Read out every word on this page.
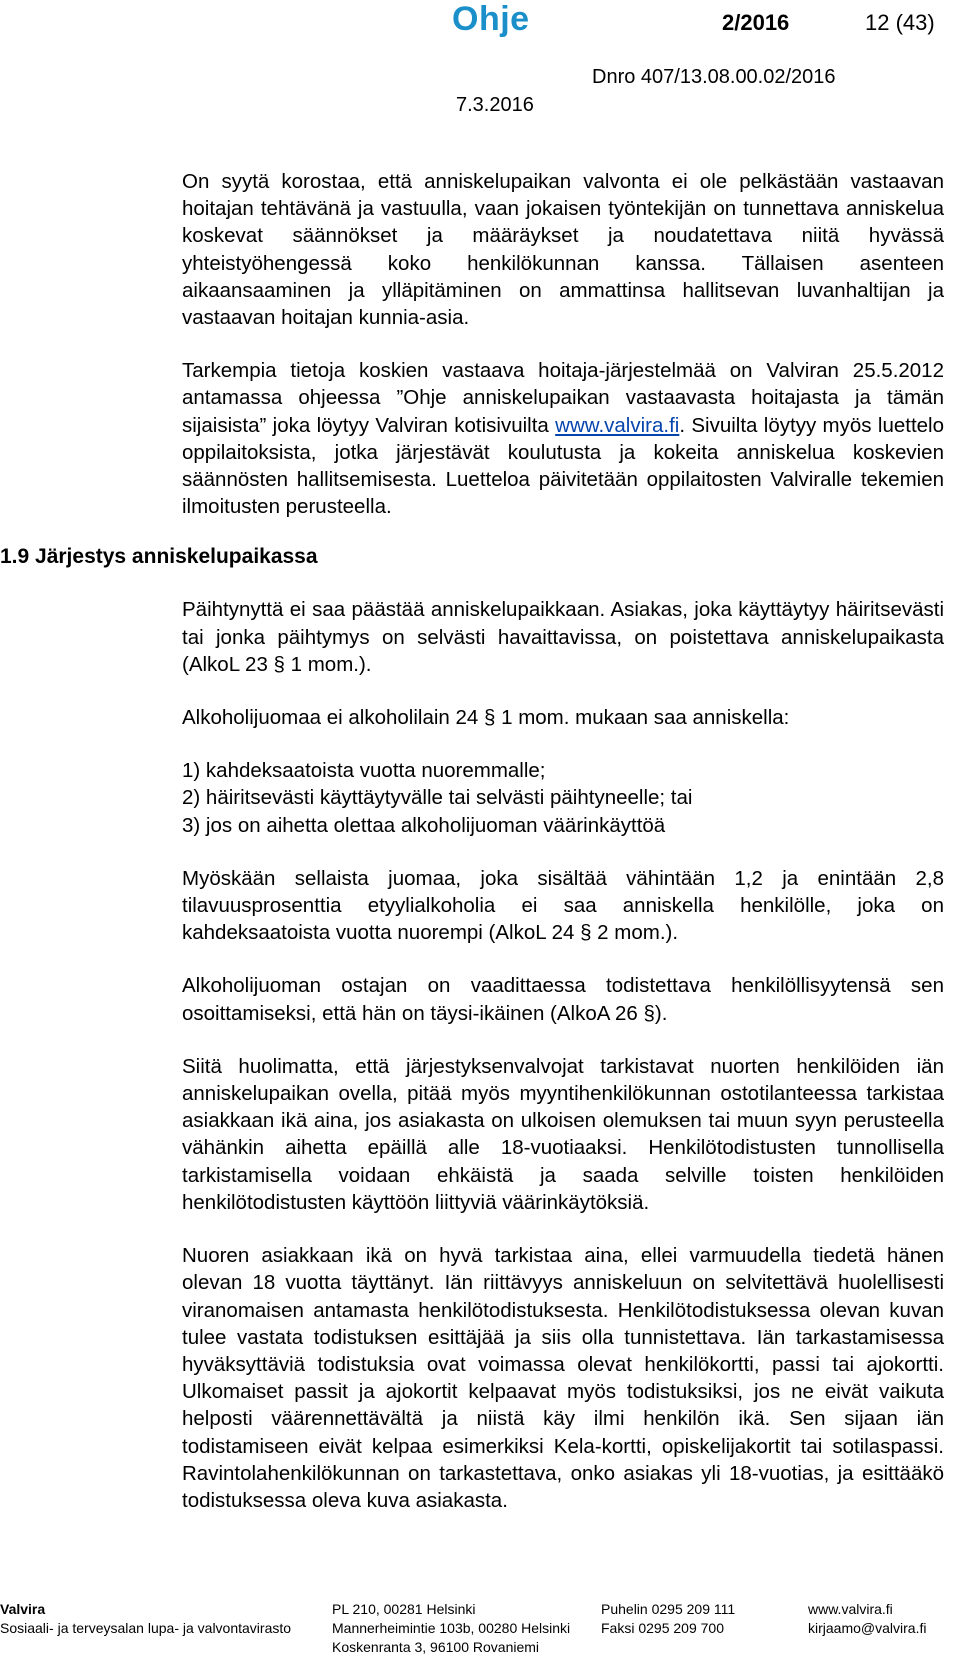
Ohje	2/2016	12 (43)
Dnro 407/13.08.00.02/2016
7.3.2016
1.9 Järjestys anniskelupaikassa

On syytä korostaa, että anniskelupaikan valvonta ei ole pelkästään vastaavan hoitajan tehtävänä ja vastuulla, vaan jokaisen työntekijän on tunnettava anniskelua koskevat säännökset ja määräykset ja noudatettava niitä hyvässä yhteistyöhengessä koko henkilökunnan kanssa. Tällaisen asenteen aikaansaaminen ja ylläpitäminen on ammattinsa hallitsevan luvanhaltijan ja vastaavan hoitajan kunnia-asia.

Tarkempia tietoja koskien vastaava hoitaja-järjestelmää on Valviran 25.5.2012 antamassa ohjeessa ”Ohje anniskelupaikan vastaavasta hoitajasta ja tämän sijaisista” joka löytyy Valviran kotisivuilta www.valvira.fi. Sivuilta löytyy myös luettelo oppilaitoksista, jotka järjestävät koulutusta ja kokeita anniskelua koskevien säännösten hallitsemisesta. Luetteloa päivitetään oppilaitosten Valviralle tekemien ilmoitusten perusteella.

Päihtynyttä ei saa päästää anniskelupaikkaan. Asiakas, joka käyttäytyy häiritsevästi tai jonka päihtymys on selvästi havaittavissa, on poistettava anniskelupaikasta (AlkoL 23 § 1 mom.).

Alkoholijuomaa ei alkoholilain 24 § 1 mom. mukaan saa anniskella:

1) kahdeksaatoista vuotta nuoremmalle;
2) häiritsevästi käyttäytyvälle tai selvästi päihtyneelle; tai
3) jos on aihetta olettaa alkoholijuoman väärinkäyttöä

Myöskään sellaista juomaa, joka sisältää vähintään 1,2 ja enintään 2,8 tilavuusprosenttia etyylialkoholia ei saa anniskella henkilölle, joka on kahdeksaatoista vuotta nuorempi (AlkoL 24 § 2 mom.).

Alkoholijuoman ostajan on vaadittaessa todistettava henkilöllisyytensä sen osoittamiseksi, että hän on täysi-ikäinen (AlkoA 26 §).

Siitä huolimatta, että järjestyksenvalvojat tarkistavat nuorten henkilöiden iän anniskelupaikan ovella, pitää myös myyntihenkilökunnan ostotilanteessa tarkistaa asiakkaan ikä aina, jos asiakasta on ulkoisen olemuksen tai muun syyn perusteella vähänkin aihetta epäillä alle 18-vuotiaaksi. Henkilötodistusten tunnollisella tarkistamisella voidaan ehkäistä ja saada selville toisten henkilöiden henkilötodistusten käyttöön liittyviä väärinkäytöksiä.

Nuoren asiakkaan ikä on hyvä tarkistaa aina, ellei varmuudella tiedetä hänen olevan 18 vuotta täyttänyt. Iän riittävyys anniskeluun on selvitettävä huolellisesti viranomaisen antamasta henkilötodistuksesta. Henkilötodistuksessa olevan kuvan tulee vastata todistuksen esittäjää ja siis olla tunnistettava. Iän tarkastamisessa hyväksyttäviä todistuksia ovat voimassa olevat henkilökortti, passi tai ajokortti. Ulkomaiset passit ja ajokortit kelpaavat myös todistuksiksi, jos ne eivät vaikuta helposti väärennettävältä ja niistä käy ilmi henkilön ikä. Sen sijaan iän todistamiseen eivät kelpaa esimerkiksi Kela-kortti, opiskelijakortit tai sotilaspassi. Ravintolahenkilökunnan on tarkastettava, onko asiakas yli 18-vuotias, ja esittääkö todistuksessa oleva kuva asiakasta.

Valvira
Sosiaali- ja terveysalan lupa- ja valvontavirasto
PL 210, 00281 Helsinki
Mannerheimintie 103b, 00280 Helsinki
Koskenranta 3, 96100 Rovaniemi
Puhelin 0295 209 111
Faksi 0295 209 700
www.valvira.fi
kirjaamo@valvira.fi
